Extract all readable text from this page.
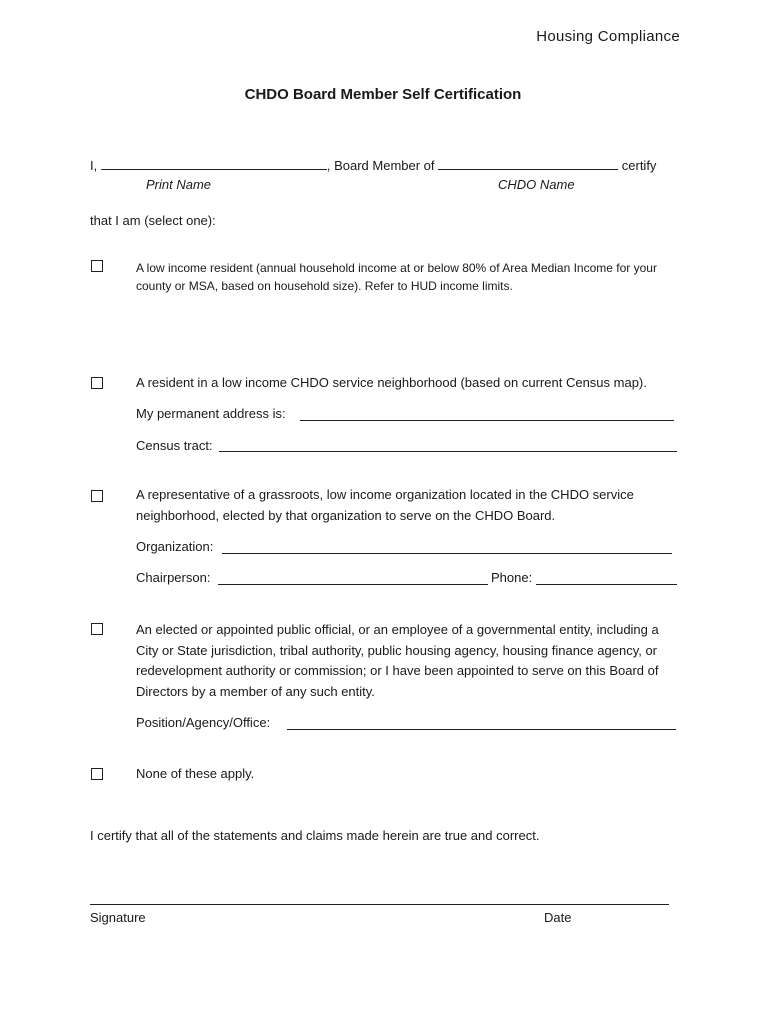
Housing Compliance
CHDO Board Member Self Certification
I,	, Board Member of	certify
Print Name	CHDO Name
that I am (select one):
A low income resident (annual household income at or below 80% of Area Median Income for your county or MSA, based on household size). Refer to HUD income limits.
A resident in a low income CHDO service neighborhood (based on current Census map).
My permanent address is:
Census tract:
A representative of a grassroots, low income organization located in the CHDO service neighborhood, elected by that organization to serve on the CHDO Board.
Organization:
Chairperson:	Phone:
An elected or appointed public official, or an employee of a governmental entity, including a City or State jurisdiction, tribal authority, public housing agency, housing finance agency, or redevelopment authority or commission; or I have been appointed to serve on this Board of Directors by a member of any such entity.
Position/Agency/Office:
None of these apply.
I certify that all of the statements and claims made herein are true and correct.
Signature	Date
